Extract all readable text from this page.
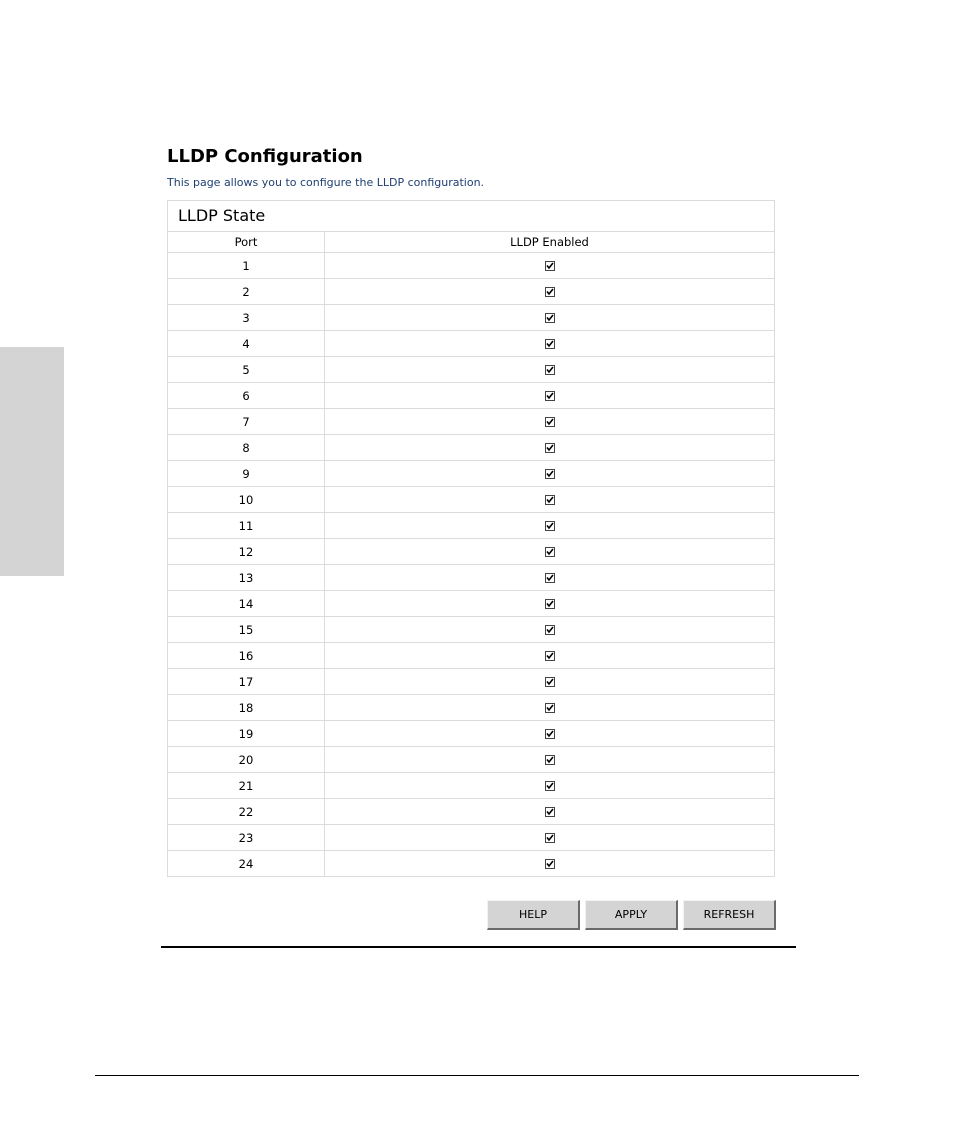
LLDP Configuration
This page allows you to configure the LLDP configuration.
LLDP State
Port	LLDP Enabled
1	

2	

3	

4	

5	

6	

7	

8	

9	

10	

11	

12	

13	

14	

15	

16	

17	

18	

19	

20	

21	

22	

23	

24	
HELP	APPLY	REFRESH
